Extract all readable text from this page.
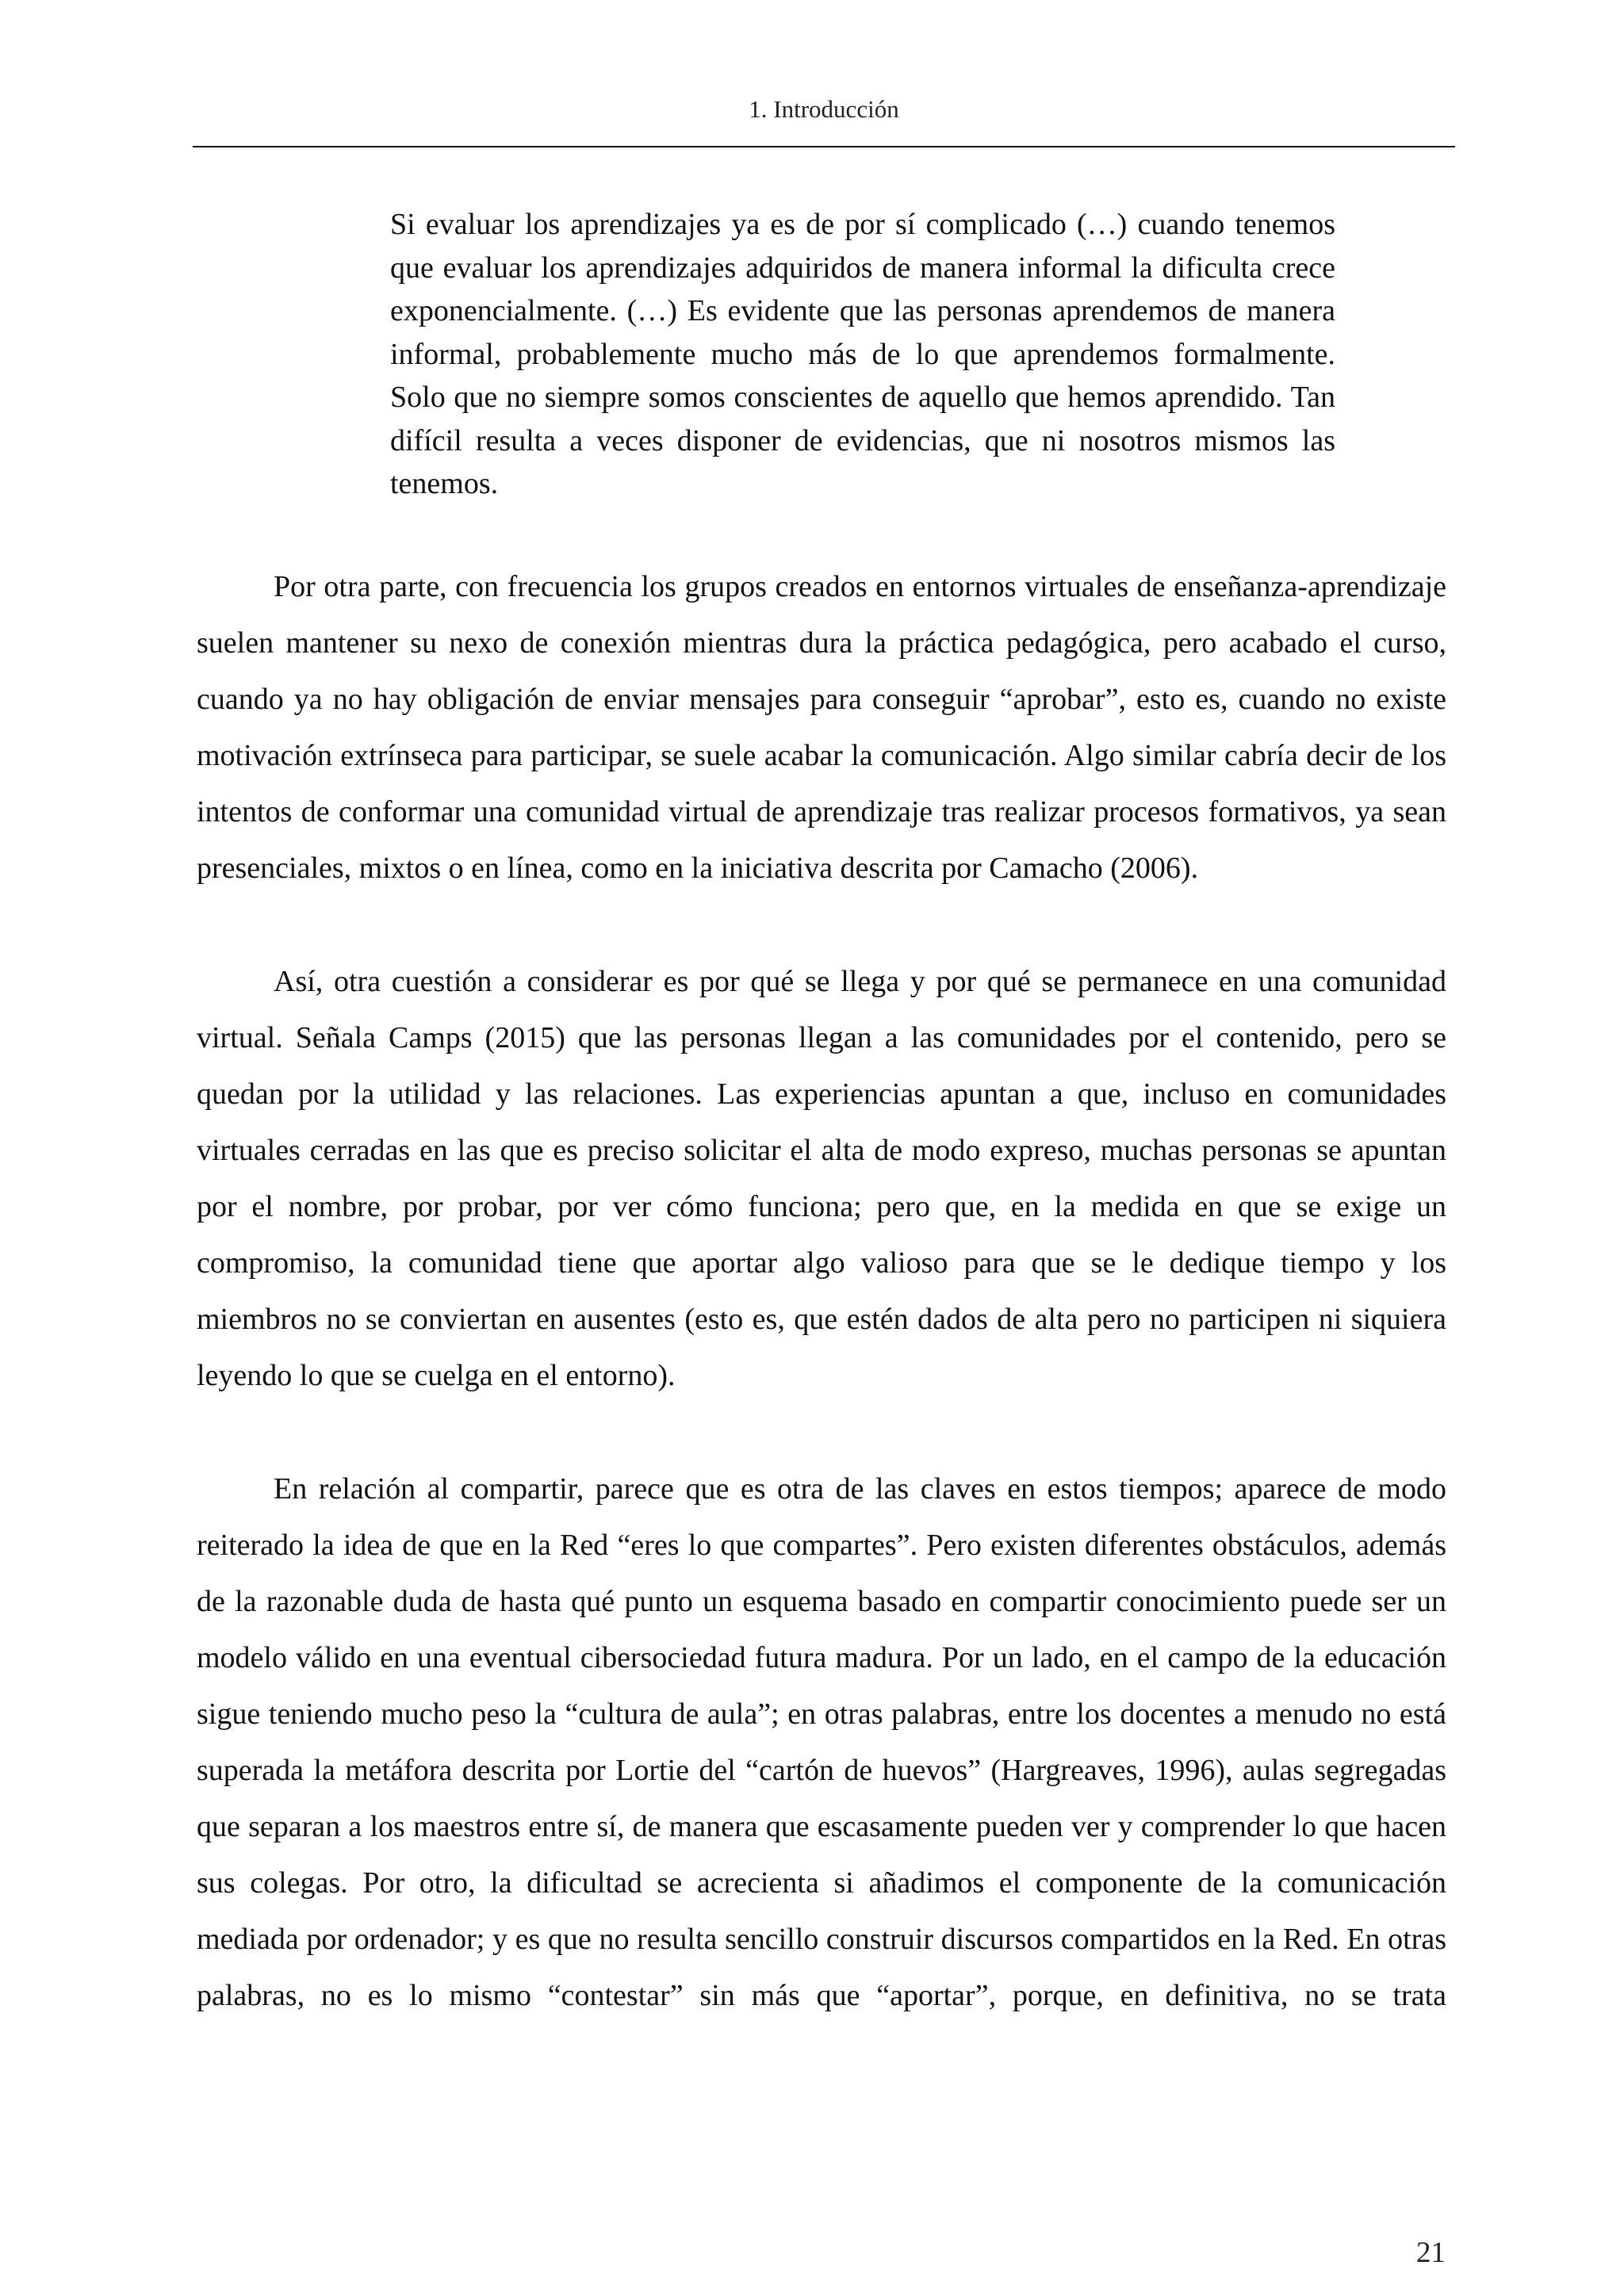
1. Introducción
Si evaluar los aprendizajes ya es de por sí complicado (…) cuando tenemos que evaluar los aprendizajes adquiridos de manera informal la dificulta crece exponencialmente. (…) Es evidente que las personas aprendemos de manera informal, probablemente mucho más de lo que aprendemos formalmente. Solo que no siempre somos conscientes de aquello que hemos aprendido. Tan difícil resulta a veces disponer de evidencias, que ni nosotros mismos las tenemos.

Por otra parte, con frecuencia los grupos creados en entornos virtuales de enseñanza-aprendizaje suelen mantener su nexo de conexión mientras dura la práctica pedagógica, pero acabado el curso, cuando ya no hay obligación de enviar mensajes para conseguir “aprobar”, esto es, cuando no existe motivación extrínseca para participar, se suele acabar la comunicación. Algo similar cabría decir de los intentos de conformar una comunidad virtual de aprendizaje tras realizar procesos formativos, ya sean presenciales, mixtos o en línea, como en la iniciativa descrita por Camacho (2006).

Así, otra cuestión a considerar es por qué se llega y por qué se permanece en una comunidad virtual. Señala Camps (2015) que las personas llegan a las comunidades por el contenido, pero se quedan por la utilidad y las relaciones. Las experiencias apuntan a que, incluso en comunidades virtuales cerradas en las que es preciso solicitar el alta de modo expreso, muchas personas se apuntan por el nombre, por probar, por ver cómo funciona; pero que, en la medida en que se exige un compromiso, la comunidad tiene que aportar algo valioso para que se le dedique tiempo y los miembros no se conviertan en ausentes (esto es, que estén dados de alta pero no participen ni siquiera leyendo lo que se cuelga en el entorno).

En relación al compartir, parece que es otra de las claves en estos tiempos; aparece de modo reiterado la idea de que en la Red “eres lo que compartes”. Pero existen diferentes obstáculos, además de la razonable duda de hasta qué punto un esquema basado en compartir conocimiento puede ser un modelo válido en una eventual cibersociedad futura madura. Por un lado, en el campo de la educación sigue teniendo mucho peso la “cultura de aula”; en otras palabras, entre los docentes a menudo no está superada la metáfora descrita por Lortie del “cartón de huevos” (Hargreaves, 1996), aulas segregadas que separan a los maestros entre sí, de manera que escasamente pueden ver y comprender lo que hacen sus colegas. Por otro, la dificultad se acrecienta si añadimos el componente de la comunicación mediada por ordenador; y es que no resulta sencillo construir discursos compartidos en la Red. En otras palabras, no es lo mismo “contestar” sin más que “aportar”, porque, en definitiva, no se trata

21
